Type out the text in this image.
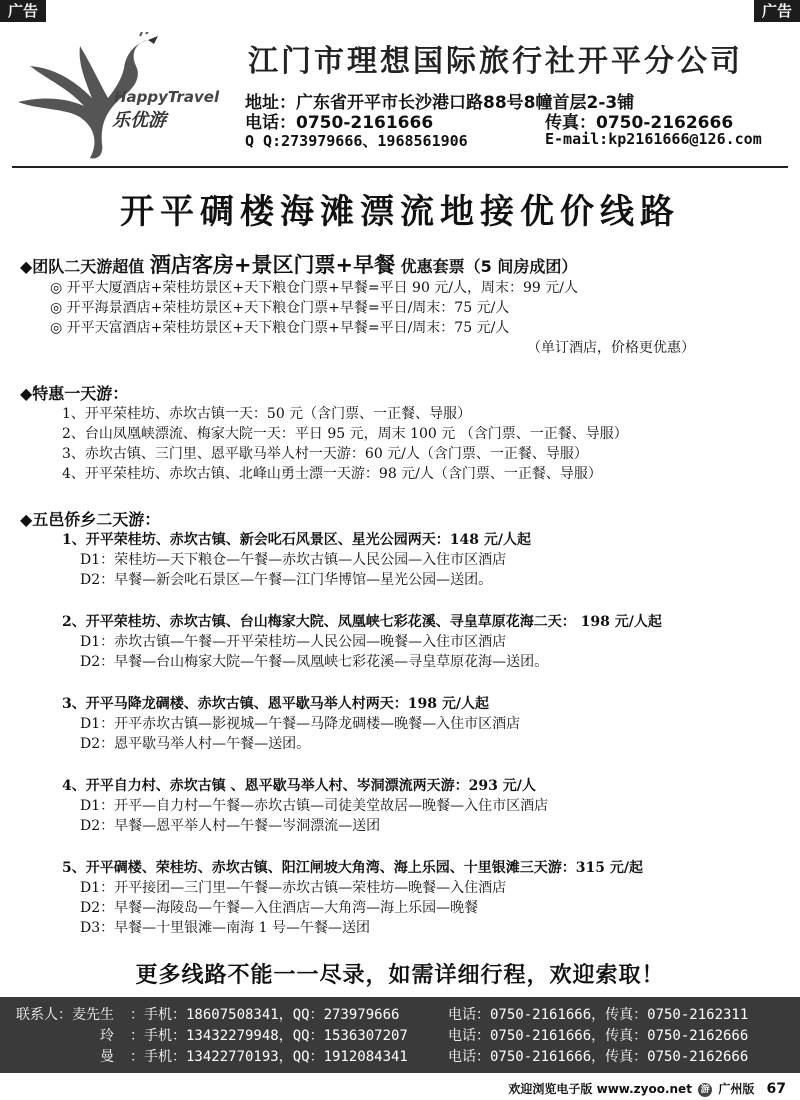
广告	广告
HappyTravel
乐优游
江门市理想国际旅行社开平分公司
地址：广东省开平市长沙港口路88号8幢首层2-3铺
电话：0750-2161666	传真：0750-2162666
Q Q:273979666、1968561906	E-mail:kp2161666@126.com
开平碉楼海滩漂流地接优价线路
◆团队二天游超值 酒店客房+景区门票+早餐 优惠套票（5 间房成团）
◎ 开平大厦酒店+荣桂坊景区+天下粮仓门票+早餐=平日 90 元/人，周末：99 元/人
◎ 开平海景酒店+荣桂坊景区+天下粮仓门票+早餐=平日/周末：75 元/人
◎ 开平天富酒店+荣桂坊景区+天下粮仓门票+早餐=平日/周末：75 元/人
（单订酒店，价格更优惠）
◆特惠一天游：
1、开平荣桂坊、赤坎古镇一天：50 元（含门票、一正餐、导服）
2、台山凤凰峡漂流、梅家大院一天：平日 95 元，周末 100 元 （含门票、一正餐、导服）
3、赤坎古镇、三门里、恩平歇马举人村一天游：60 元/人（含门票、一正餐、导服）
4、开平荣桂坊、赤坎古镇、北峰山勇士漂一天游：98 元/人（含门票、一正餐、导服）
◆五邑侨乡二天游：
1、开平荣桂坊、赤坎古镇、新会叱石风景区、星光公园两天：148 元/人起
D1：荣桂坊—天下粮仓—午餐—赤坎古镇—人民公园—入住市区酒店
D2：早餐—新会叱石景区—午餐—江门华博馆—星光公园—送团。
2、开平荣桂坊、赤坎古镇、台山梅家大院、凤凰峡七彩花溪、寻皇草原花海二天： 198 元/人起
D1：赤坎古镇—午餐—开平荣桂坊—人民公园—晚餐—入住市区酒店
D2：早餐—台山梅家大院—午餐—凤凰峡七彩花溪—寻皇草原花海—送团。
3、开平马降龙碉楼、赤坎古镇、恩平歇马举人村两天：198 元/人起
D1：开平赤坎古镇—影视城—午餐—马降龙碉楼—晚餐—入住市区酒店
D2：恩平歇马举人村—午餐—送团。
4、开平自力村、赤坎古镇 、恩平歇马举人村、岑洞漂流两天游：293 元/人
D1：开平—自力村—午餐—赤坎古镇—司徒美堂故居—晚餐—入住市区酒店
D2：早餐—恩平举人村—午餐—岑洞漂流—送团
5、开平碉楼、荣桂坊、赤坎古镇、阳江闸坡大角湾、海上乐园、十里银滩三天游：315 元/起
D1：开平接团—三门里—午餐—赤坎古镇—荣桂坊—晚餐—入住酒店
D2：早餐—海陵岛—午餐—入住酒店—大角湾—海上乐园—晚餐
D3：早餐—十里银滩—南海 1 号—午餐—送团
更多线路不能一一尽录，如需详细行程，欢迎索取！
联系人：麦先生 ：手机：18607508341，QQ：273979666	电话：0750-2161666，传真：0750-2162311
玲 ：手机：13432279948，QQ：1536307207	电话：0750-2161666，传真：0750-2162666
曼 ：手机：13422770193，QQ：1912084341	电话：0750-2161666，传真：0750-2162666
欢迎浏览电子版 www.zyoo.net 游 广州版 67
